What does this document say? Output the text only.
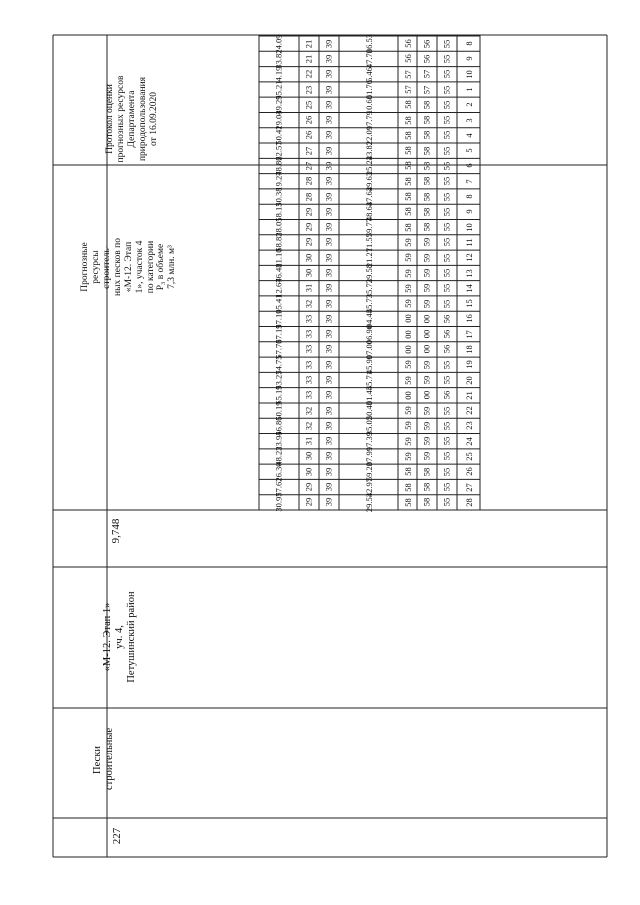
227
Пески строительные
«М-12. Этап 1» уч. 4, Петушинский район
9,748
Прогнозные ресурсы строитель- ных песков по «М-12. Этап 1», участок 4 по категории P₃ в объеме 7,3 млн. м³
Протокол оценки прогнозных ресурсов Департамента природопользования от 16.09.2020
8
55
56
56
36.53
39
21
24.09
9
55
56
56
47.70
39
21
33.82
10
55
57
57
5.46
39
22
4.19
1
55
57
57
51.76
39
23
55.21
2
55
58
58
10.60
39
25
39.29
3
55
58
58
17.79
39
26
19.04
4
55
58
58
22.09
39
26
50.42
5
55
58
58
23.82
39
27
22.57
6
55
58
58
25.24
39
27
48.86
7
55
58
58
29.63
39
28
19.27
8
55
58
58
37.64
39
28
50.38
9
55
58
58
48.64
39
29
18.13
10
55
58
58
59.77
39
29
38.05
11
55
59
59
11.57
39
29
58.82
12
55
59
59
21.27
39
30
21.10
13
55
59
59
29.58
39
30
46.48
14
55
59
59
35.73
39
31
12.67
15
55
59
59
45.73
39
32
05.41
16
56
00
00
04.45
39
33
57.19
17
56
00
00
06.90
39
33
57.19
18
56
00
00
07.00
39
33
57.70
19
55
59
59
45.99
39
33
54.75
20
55
59
59
45.71
39
33
53.27
21
56
00
00
01.45
39
33
55.19
22
55
59
59
50.45
39
32
50.19
23
55
59
59
35.02
39
32
56.86
24
55
59
59
17.39
39
31
23.94
25
55
59
59
07.99
39
30
48.23
26
55
58
58
59.23
39
30
26.30
27
55
58
58
42.97
39
29
57.62
28
55
58
58
29.53
39
29
30.97
